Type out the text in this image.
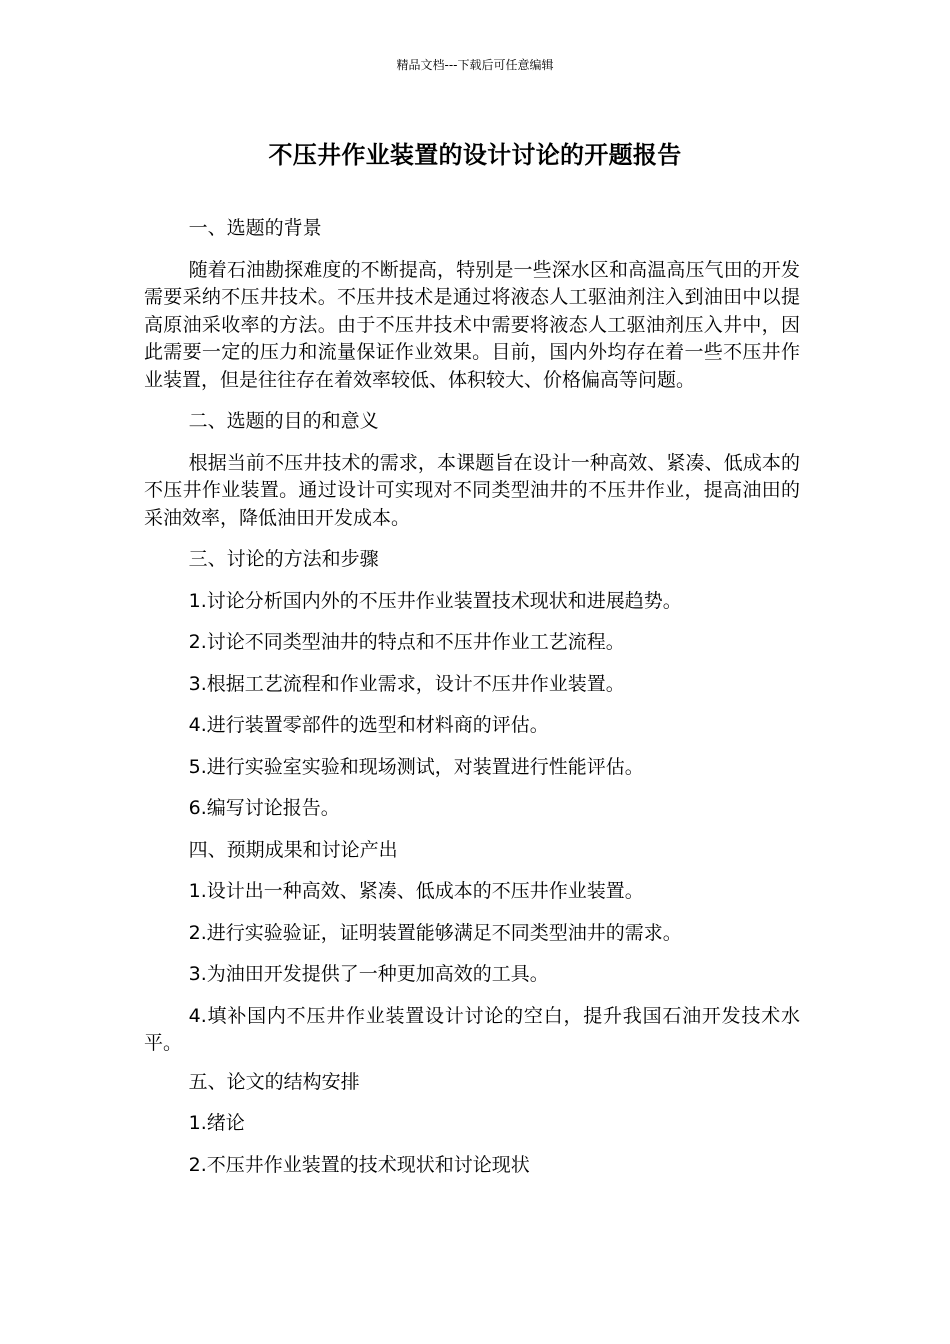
精品文档---下载后可任意编辑
不压井作业装置的设计讨论的开题报告

一、选题的背景

随着石油勘探难度的不断提高，特别是一些深水区和高温高压气田的开发需要采纳不压井技术。不压井技术是通过将液态人工驱油剂注入到油田中以提高原油采收率的方法。由于不压井技术中需要将液态人工驱油剂压入井中，因此需要一定的压力和流量保证作业效果。目前，国内外均存在着一些不压井作业装置，但是往往存在着效率较低、体积较大、价格偏高等问题。

二、选题的目的和意义

根据当前不压井技术的需求，本课题旨在设计一种高效、紧凑、低成本的不压井作业装置。通过设计可实现对不同类型油井的不压井作业，提高油田的采油效率，降低油田开发成本。

三、讨论的方法和步骤

1.讨论分析国内外的不压井作业装置技术现状和进展趋势。

2.讨论不同类型油井的特点和不压井作业工艺流程。

3.根据工艺流程和作业需求，设计不压井作业装置。

4.进行装置零部件的选型和材料商的评估。

5.进行实验室实验和现场测试，对装置进行性能评估。

6.编写讨论报告。

四、预期成果和讨论产出

1.设计出一种高效、紧凑、低成本的不压井作业装置。

2.进行实验验证，证明装置能够满足不同类型油井的需求。

3.为油田开发提供了一种更加高效的工具。

4.填补国内不压井作业装置设计讨论的空白，提升我国石油开发技术水平。

五、论文的结构安排

1.绪论

2.不压井作业装置的技术现状和讨论现状
